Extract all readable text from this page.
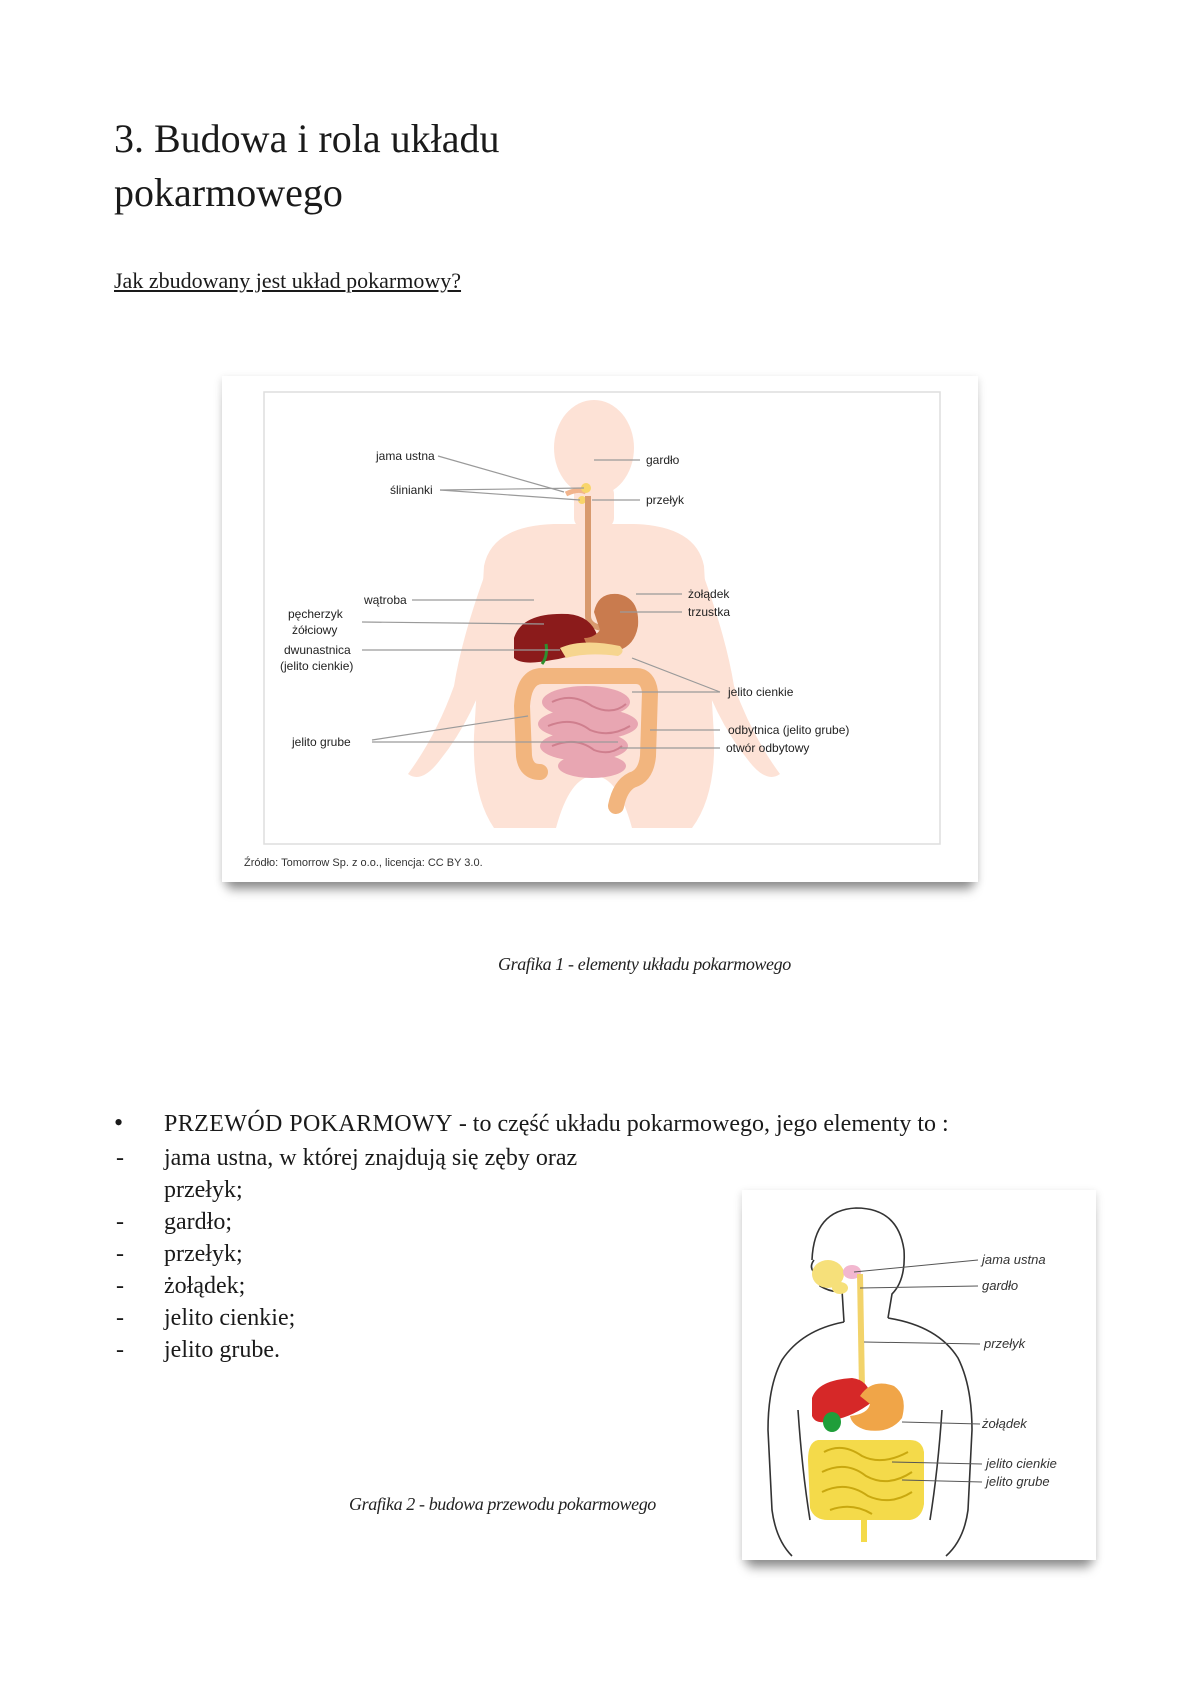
3. Budowa i rola układu pokarmowego
Jak zbudowany jest układ pokarmowy?
jama ustna
ślinianki
wątroba
pęcherzyk
żółciowy
dwunastnica
(jelito cienkie)
jelito grube
gardło
przełyk
żołądek
trzustka
jelito cienkie
odbytnica (jelito grube)
otwór odbytowy
Źródło: Tomorrow Sp. z o.o., licencja: CC BY 3.0.
Grafika 1 - elementy układu pokarmowego
• PRZEWÓD POKARMOWY - to część układu pokarmowego, jego elementy to :
- jama ustna, w której znajdują się zęby oraz przełyk;
- gardło;
- przełyk;
- żołądek;
- jelito cienkie;
- jelito grube.
jama ustna
gardło
przełyk
żołądek
jelito cienkie
jelito grube
Grafika 2 - budowa przewodu pokarmowego
